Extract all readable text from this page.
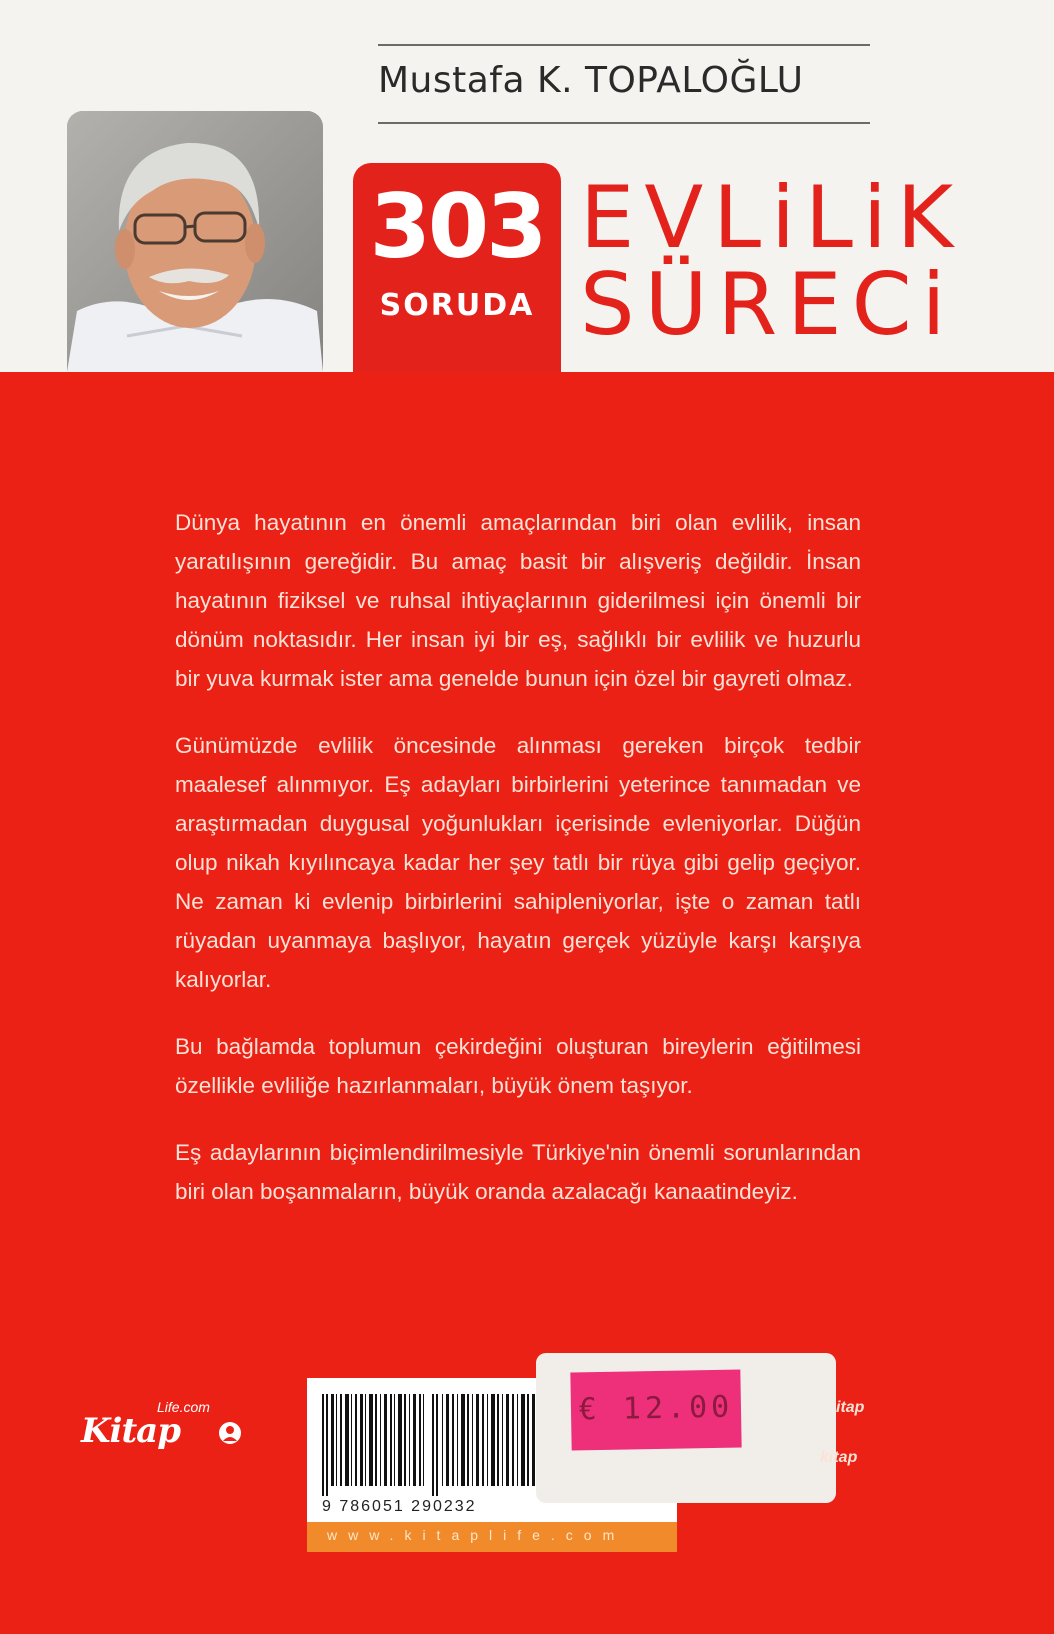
Mustafa K. TOPALOĞLU
303
SORUDA
EVLiLiK
SÜRECi

Dünya hayatının en önemli amaçlarından biri olan evlilik, insan yaratılışının gereğidir. Bu amaç basit bir alışveriş değildir. İnsan hayatının fiziksel ve ruhsal ihtiyaçlarının giderilmesi için önemli bir dönüm noktasıdır. Her insan iyi bir eş, sağlıklı bir evlilik ve huzurlu bir yuva kurmak ister ama genelde bunun için özel bir gayreti olmaz.

Günümüzde evlilik öncesinde alınması gereken birçok tedbir maalesef alınmıyor. Eş adayları birbirlerini yeterince tanımadan ve araştırmadan duygusal yoğunlukları içerisinde evleniyorlar. Düğün olup nikah kıyılıncaya kadar her şey tatlı bir rüya gibi gelip geçiyor. Ne zaman ki evlenip birbirlerini sahipleniyorlar, işte o zaman tatlı rüyadan uyanmaya başlıyor, hayatın gerçek yüzüyle karşı karşıya kalıyorlar.

Bu bağlamda toplumun çekirdeğini oluşturan bireylerin eğitilmesi özellikle evliliğe hazırlanmaları, büyük önem taşıyor.

Eş adaylarının biçimlendirilmesiyle Türkiye'nin önemli sorunlarından biri olan boşanmaların, büyük oranda azalacağı kanaatindeyiz.

Kitap
Life.com
9 786051 290232
www.kitaplife.com
€ 12.00	itap
kitap
